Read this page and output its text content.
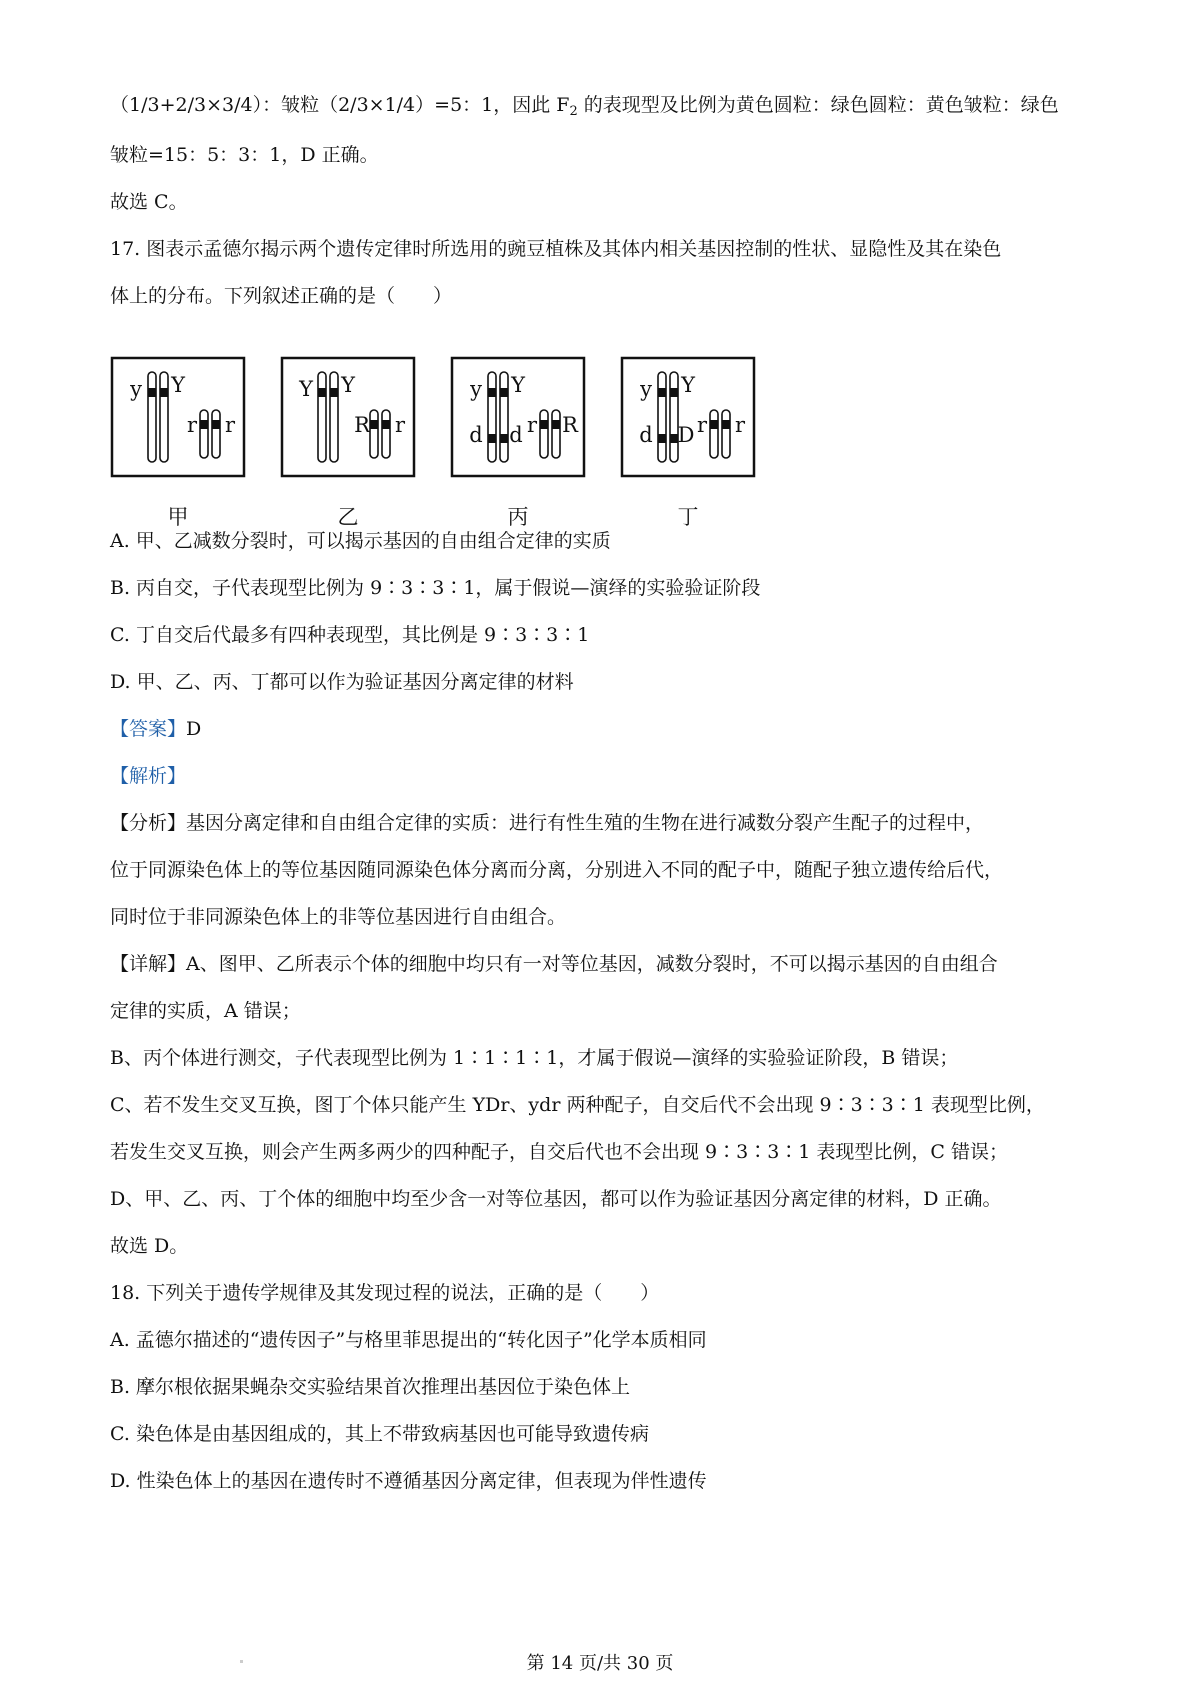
（1/3+2/3×3/4）：皱粒（2/3×1/4）=5：1，因此 $F_2$ 的表现型及比例为黄色圆粒：绿色圆粒：黄色皱粒：绿色
皱粒=15：5：3：1，D 正确。
故选 C。
17. 图表示孟德尔揭示两个遗传定律时所选用的豌豆植株及其体内相关基因控制的性状、显隐性及其在染色
体上的分布。下列叙述正确的是（　　）
A. 甲、乙减数分裂时，可以揭示基因的自由组合定律的实质
B. 丙自交，子代表现型比例为 9∶3∶3∶1，属于假说—演绎的实验验证阶段
C. 丁自交后代最多有四种表现型，其比例是 9∶3∶3∶1
D. 甲、乙、丙、丁都可以作为验证基因分离定律的材料
【答案】D
【解析】
【分析】基因分离定律和自由组合定律的实质：进行有性生殖的生物在进行减数分裂产生配子的过程中，
位于同源染色体上的等位基因随同源染色体分离而分离，分别进入不同的配子中，随配子独立遗传给后代，
同时位于非同源染色体上的非等位基因进行自由组合。
【详解】A、图甲、乙所表示个体的细胞中均只有一对等位基因，减数分裂时，不可以揭示基因的自由组合
定律的实质，A 错误；
B、丙个体进行测交，子代表现型比例为 1∶1∶1∶1，才属于假说—演绎的实验验证阶段，B 错误；
C、若不发生交叉互换，图丁个体只能产生 YDr、ydr 两种配子，自交后代不会出现 9∶3∶3∶1 表现型比例，
若发生交叉互换，则会产生两多两少的四种配子，自交后代也不会出现 9∶3∶3∶1 表现型比例，C 错误；
D、甲、乙、丙、丁个体的细胞中均至少含一对等位基因，都可以作为验证基因分离定律的材料，D 正确。
故选 D。
18. 下列关于遗传学规律及其发现过程的说法，正确的是（　　）
A. 孟德尔描述的“遗传因子”与格里菲思提出的“转化因子”化学本质相同
B. 摩尔根依据果蝇杂交实验结果首次推理出基因位于染色体上
C. 染色体是由基因组成的，其上不带致病基因也可能导致遗传病
D. 性染色体上的基因在遗传时不遵循基因分离定律，但表现为伴性遗传
y Y
r r
甲
Y Y
R r
乙
y Y
d d r R
丙
y Y
d D r r
丁
第 14 页/共 30 页
